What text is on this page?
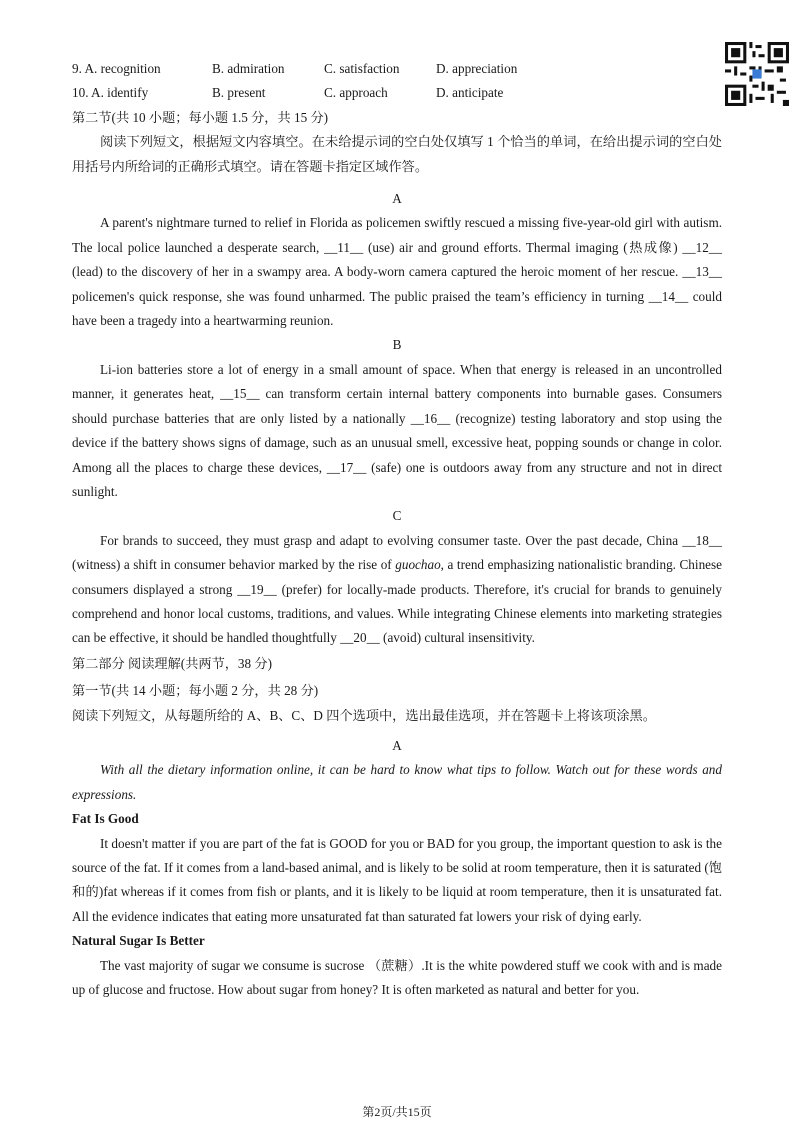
9. A. recognition	B. admiration	C. satisfaction	D. appreciation
10. A. identify	B. present	C. approach	D. anticipate
第二节(共 10 小题；每小题 1.5 分，共 15 分)

阅读下列短文，根据短文内容填空。在未给提示词的空白处仅填写 1 个恰当的单词，在给出提示词的空白处用括号内所给词的正确形式填空。请在答题卡指定区域作答。

A

A parent's nightmare turned to relief in Florida as policemen swiftly rescued a missing five-year-old girl with autism. The local police launched a desperate search, __11__ (use) air and ground efforts. Thermal imaging (热成像) __12__ (lead) to the discovery of her in a swampy area. A body-worn camera captured the heroic moment of her rescue. __13__ policemen's quick response, she was found unharmed. The public praised the team’s efficiency in turning __14__ could have been a tragedy into a heartwarming reunion.

B

Li-ion batteries store a lot of energy in a small amount of space. When that energy is released in an uncontrolled manner, it generates heat, __15__ can transform certain internal battery components into burnable gases. Consumers should purchase batteries that are only listed by a nationally __16__ (recognize) testing laboratory and stop using the device if the battery shows signs of damage, such as an unusual smell, excessive heat, popping sounds or change in color. Among all the places to charge these devices, __17__ (safe) one is outdoors away from any structure and not in direct sunlight.

C

For brands to succeed, they must grasp and adapt to evolving consumer taste. Over the past decade, China __18__ (witness) a shift in consumer behavior marked by the rise of guochao, a trend emphasizing nationalistic branding. Chinese consumers displayed a strong __19__ (prefer) for locally-made products. Therefore, it's crucial for brands to genuinely comprehend and honor local customs, traditions, and values. While integrating Chinese elements into marketing strategies can be effective, it should be handled thoughtfully __20__ (avoid) cultural insensitivity.

第二部分 阅读理解(共两节，38 分)
第一节(共 14 小题；每小题 2 分，共 28 分)

阅读下列短文，从每题所给的 A、B、C、D 四个选项中，选出最佳选项，并在答题卡上将该项涂黑。

A

With all the dietary information online, it can be hard to know what tips to follow. Watch out for these words and expressions.

Fat Is Good

It doesn't matter if you are part of the fat is GOOD for you or BAD for you group, the important question to ask is the source of the fat. If it comes from a land-based animal, and is likely to be solid at room temperature, then it is saturated (饱和的)fat whereas if it comes from fish or plants, and it is likely to be liquid at room temperature, then it is unsaturated fat. All the evidence indicates that eating more unsaturated fat than saturated fat lowers your risk of dying early.

Natural Sugar Is Better

The vast majority of sugar we consume is sucrose （蔗糖）.It is the white powdered stuff we cook with and is made up of glucose and fructose. How about sugar from honey? It is often marketed as natural and better for you.

第2页/共15页
